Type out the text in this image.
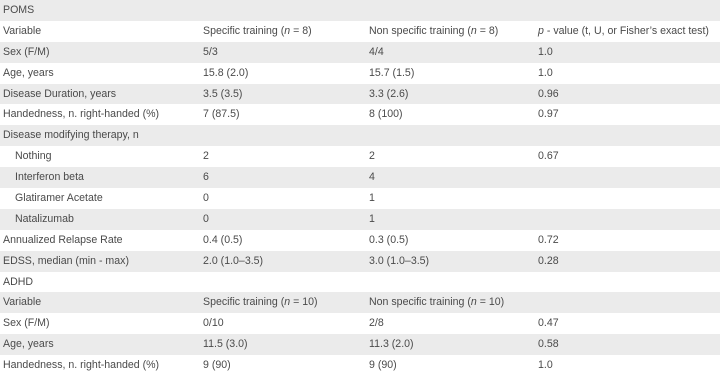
POMS
Variable	Specific training (n = 8)	Non specific training (n = 8)	p - value (t, U, or Fisher’s exact test)
Sex (F/M)	5/3	4/4	1.0
Age, years	15.8 (2.0)	15.7 (1.5)	1.0
Disease Duration, years	3.5 (3.5)	3.3 (2.6)	0.96
Handedness, n. right-handed (%)	7 (87.5)	8 (100)	0.97
Disease modifying therapy, n
Nothing	2	2	0.67
Interferon beta	6	4
Glatiramer Acetate	0	1
Natalizumab	0	1
Annualized Relapse Rate	0.4 (0.5)	0.3 (0.5)	0.72
EDSS, median (min - max)	2.0 (1.0–3.5)	3.0 (1.0–3.5)	0.28
ADHD
Variable	Specific training (n = 10)	Non specific training (n = 10)
Sex (F/M)	0/10	2/8	0.47
Age, years	11.5 (3.0)	11.3 (2.0)	0.58
Handedness, n. right-handed (%)	9 (90)	9 (90)	1.0
